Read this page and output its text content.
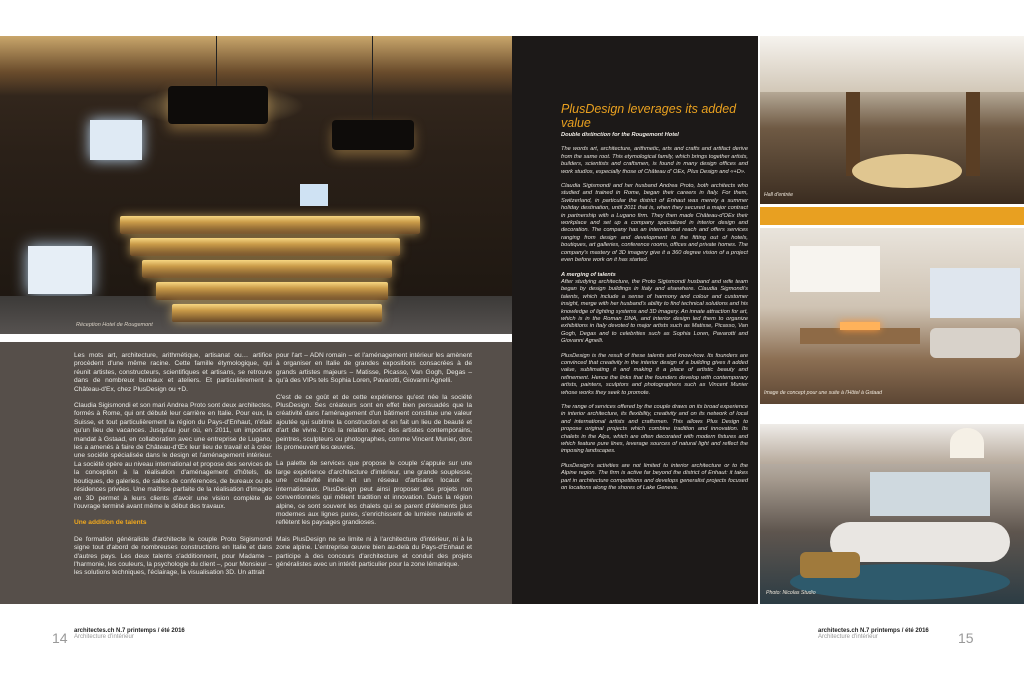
Réception Hotel de Rougemont

Les mots art, architecture, arithmétique, artisanat ou… artifice procèdent d'une même racine. Cette famille étymologique, qui réunit artistes, constructeurs, scientifiques et artisans, se retrouve dans de nombreux bureaux et ateliers. Et particulièrement à Château-d'Ex, chez PlusDesign ou +D.

Claudia Sigismondi et son mari Andrea Proto sont deux architectes, formés à Rome, qui ont débuté leur carrière en Italie. Pour eux, la Suisse, et tout particulièrement la région du Pays-d'Enhaut, n'était qu'un lieu de vacances. Jusqu'au jour où, en 2011, un important mandat à Gstaad, en collaboration avec une entreprise de Lugano, les a amenés à faire de Château-d'Œx leur lieu de travail et à créer une société spécialisée dans le design et l'aménagement intérieur. La société opère au niveau international et propose des services de la conception à la réalisation d'aménagement d'hôtels, de boutiques, de galeries, de salles de conférences, de bureaux ou de résidences privées. Une maîtrise parfaite de la réalisation d'images en 3D permet à leurs clients d'avoir une vision complète de l'ouvrage terminé avant même le début des travaux.

Une addition de talents

De formation généraliste d'architecte le couple Proto Sigismondi signe tout d'abord de nombreuses constructions en Italie et dans d'autres pays. Les deux talents s'additionnent, pour Madame – l'harmonie, les couleurs, la psychologie du client –, pour Monsieur – les solutions techniques, l'éclairage, la visualisation 3D. Un attrait

pour l'art – ADN romain – et l'aménagement intérieur les amènent à organiser en Italie de grandes expositions consacrées à de grands artistes majeurs – Matisse, Picasso, Van Gogh, Degas – qu'à des VIPs tels Sophia Loren, Pavarotti, Giovanni Agnelli.

C'est de ce goût et de cette expérience qu'est née la société PlusDesign. Ses créateurs sont en effet bien persuadés que la créativité dans l'aménagement d'un bâtiment constitue une valeur ajoutée qui sublime la construction et en fait un lieu de beauté et d'art de vivre. D'où la relation avec des artistes contemporains, peintres, sculpteurs ou photographes, comme Vincent Munier, dont ils promeuvent les œuvres.

La palette de services que propose le couple s'appuie sur une large expérience d'architecture d'intérieur, une grande souplesse, une créativité innée et un réseau d'artisans locaux et internationaux. PlusDesign peut ainsi proposer des projets non conventionnels qui mêlent tradition et innovation. Dans la région alpine, ce sont souvent les chalets qui se parent d'éléments plus modernes aux lignes pures, s'enrichissent de lumière naturelle et reflètent les paysages grandioses.

Mais PlusDesign ne se limite ni à l'architecture d'intérieur, ni à la zone alpine. L'entreprise œuvre bien au-delà du Pays-d'Enhaut et participe à des concours d'architecture et conduit des projets généralistes avec un intérêt particulier pour la zone lémanique.

14 architectes.ch N.7 printemps / été 2016
Architecture d'intérieur
PlusDesign leverages its added value

Double distinction for the Rougemont Hotel

The words art, architecture, arithmetic, arts and crafts and artifact derive from the same root. This etymological family, which brings together artists, builders, scientists and craftsmen, is found in many design offices and work studios, especially those of Château d' OEx, Plus Design and «+D».

Claudia Sigismondi and her husband Andrea Proto, both architects who studied and trained in Rome, began their careers in Italy. For them, Switzerland, in particular the district of Enhaut was merely a summer holiday destination, until 2011 that is, when they secured a major contract in partnership with a Lugano firm. They then made Château-d'OEx their workplace and set up a company specialized in interior design and decoration. The company has an international reach and offers services ranging from design and development to the fitting out of hotels, boutiques, art galleries, conference rooms, offices and private homes. The company's mastery of 3D imagery give it a 360 degree vision of a project even before work on it has started.

A merging of talents

After studying architecture, the Proto Sigismondi husband and wife team began by design buildings in Italy and elsewhere. Claudia Sigmondi's talents, which include a sense of harmony and colour and customer insight, merge with her husband's ability to find technical solutions and his knowledge of lighting systems and 3D imagery. An innate attraction for art, which is in the Roman DNA, and interior design led them to organize exhibitions in Italy devoted to major artists such as Matisse, Picasso, Van Gogh, Degas and to celebrities such as Sophia Loren, Pavarotti and Giovanni Agnelli.

PlusDesign is the result of these talents and know-how. Its founders are convinced that creativity in the interior design of a building gives it added value, sublimating it and making it a place of artistic beauty and refinement. Hence the links that the founders develop with contemporary artists, painters, sculptors and photographers such as Vincent Munier whose works they seek to promote.

The range of services offered by the couple draws on its broad experience in interior architecture, its flexibility, creativity and on its network of local and international artists and craftsmen. This allows Plus Design to propose original projects which combine tradition and innovation. Its chalets in the Alps, which are often decorated with modern fixtures and which feature pure lines, leverage sources of natural light and reflect the imposing landscapes.

PlusDesign's activities are not limited to interior architecture or to the Alpine region. The firm is active far beyond the district of Enhaut: it takes part in architecture competitions and develops generalist projects focused on locations along the shores of Lake Geneva.

Hall d'entrée
Image de concept pour une suite à l'Hôtel à Gstaad
Photo: Nicolas Studio
architectes.ch N.7 printemps / été 2016
Architecture d'intérieur	15
